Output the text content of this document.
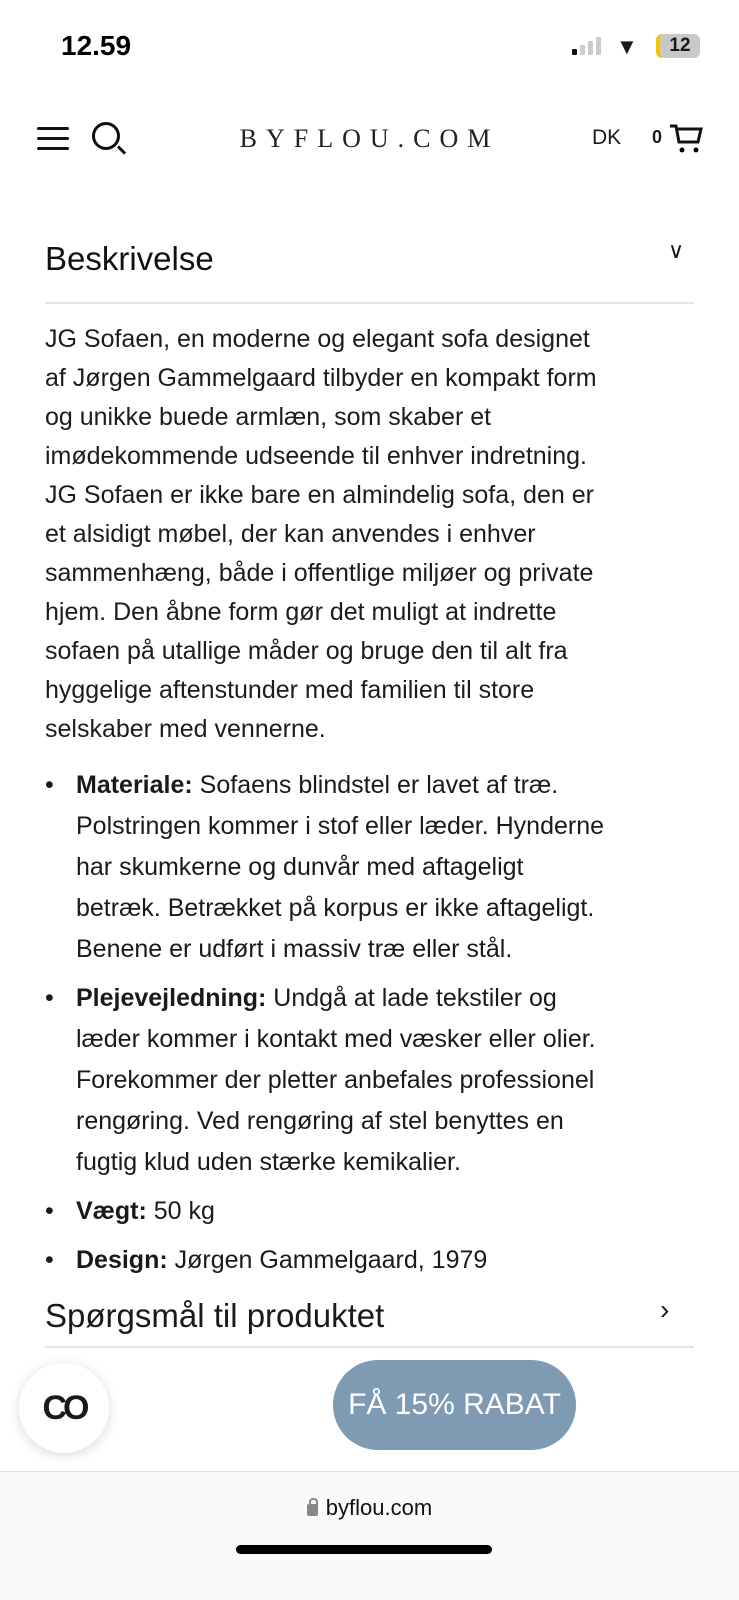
12.59	▼	12
BYFLOU.COM	DK 0
Beskrivelse	∨
JG Sofaen, en moderne og elegant sofa designet
af Jørgen Gammelgaard tilbyder en kompakt form
og unikke buede armlæn, som skaber et
imødekommende udseende til enhver indretning.
JG Sofaen er ikke bare en almindelig sofa, den er
et alsidigt møbel, der kan anvendes i enhver
sammenhæng, både i offentlige miljøer og private
hjem. Den åbne form gør det muligt at indrette
sofaen på utallige måder og bruge den til alt fra
hyggelige aftenstunder med familien til store
selskaber med vennerne.
• Materiale: Sofaens blindstel er lavet af træ.
Polstringen kommer i stof eller læder. Hynderne
har skumkerne og dunvår med aftageligt
betræk. Betrækket på korpus er ikke aftageligt.
Benene er udført i massiv træ eller stål.
• Plejevejledning: Undgå at lade tekstiler og
læder kommer i kontakt med væsker eller olier.
Forekommer der pletter anbefales professionel
rengøring. Ved rengøring af stel benyttes en
fugtig klud uden stærke kemikalier.
• Vægt: 50 kg
• Design: Jørgen Gammelgaard, 1979
Spørgsmål til produktet	›
CO	FÅ 15% RABAT
byflou.com
